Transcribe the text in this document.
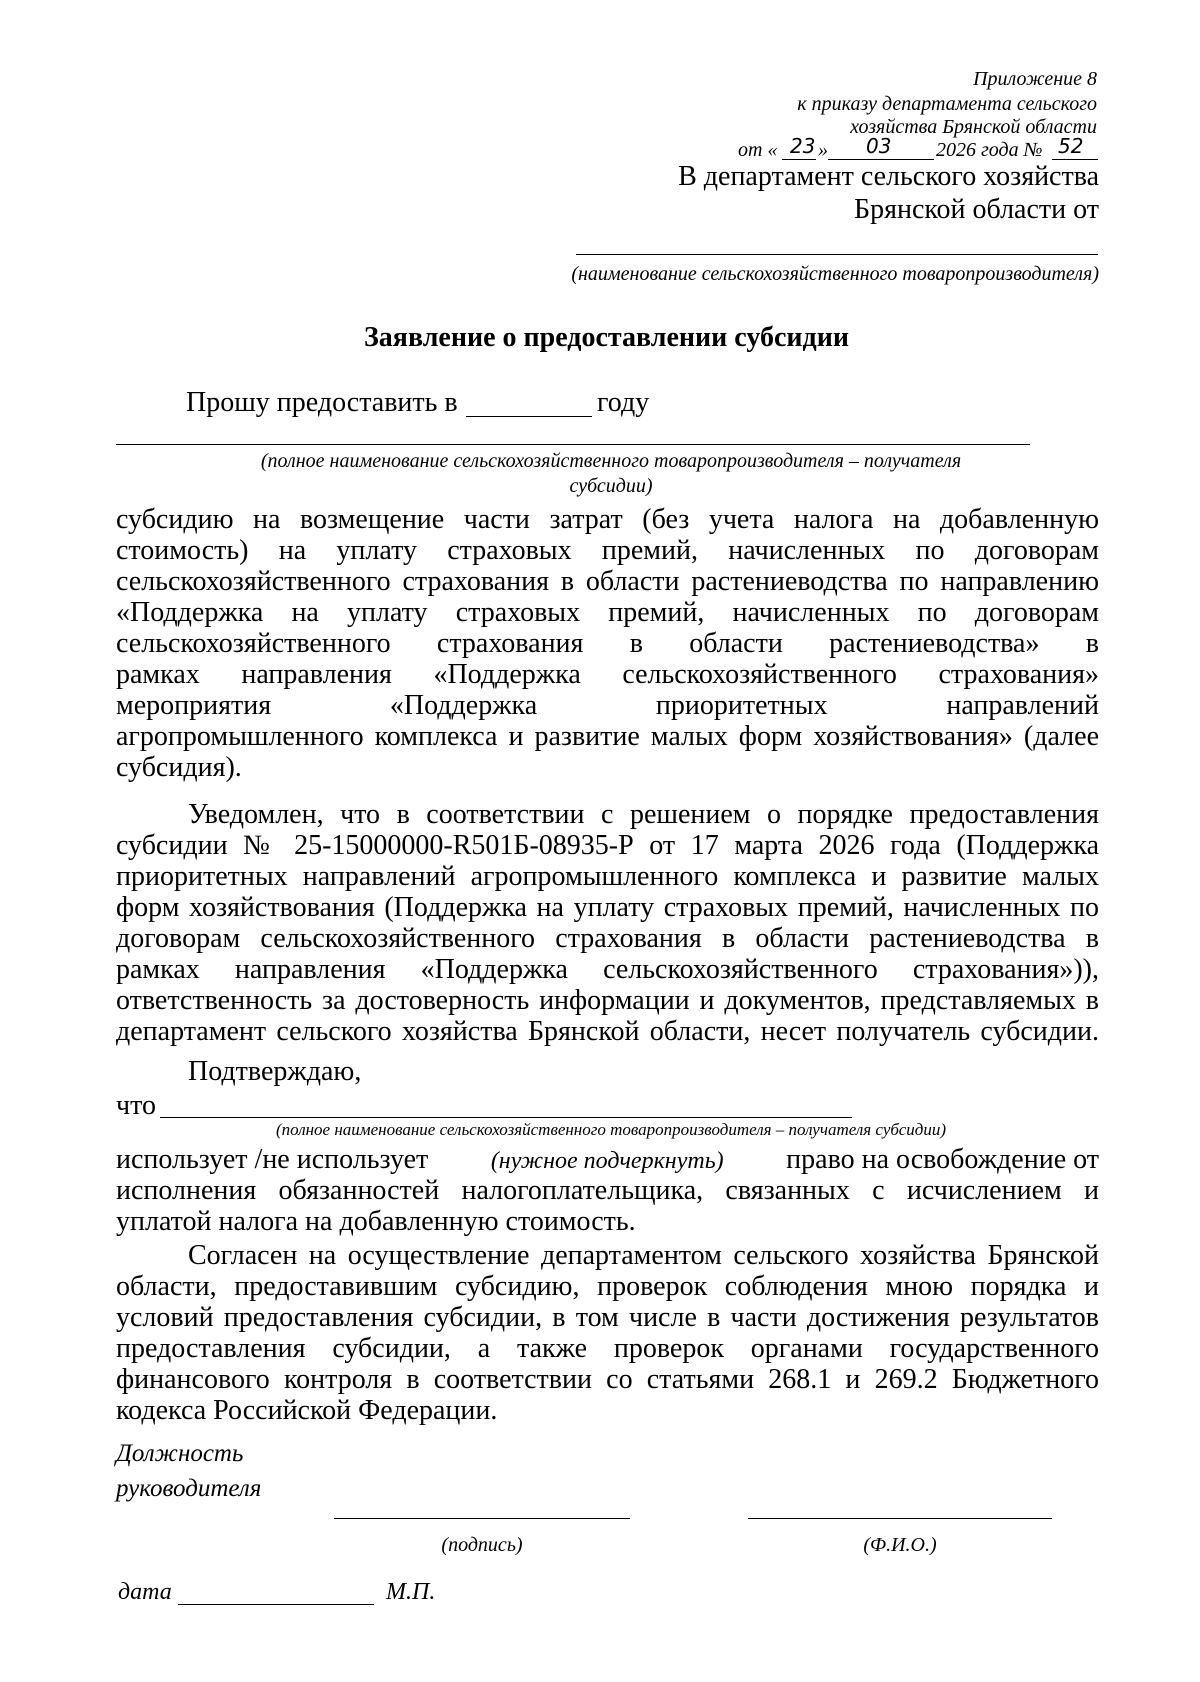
Приложение 8
к приказу департамента сельского
хозяйства Брянской области
от « 23 » 03 2026 года № 52
В департамент сельского хозяйства
Брянской области от
(наименование сельскохозяйственного товаропроизводителя)
Заявление о предоставлении субсидии
Прошу предоставить в	году
(полное наименование сельскохозяйственного товаропроизводителя – получателя
субсидии)
субсидию на возмещение части затрат (без учета налога на добавленную
стоимость) на уплату страховых премий, начисленных по договорам
сельскохозяйственного страхования в области растениеводства по направлению
«Поддержка на уплату страховых премий, начисленных по договорам
сельскохозяйственного страхования в области растениеводства» в
рамках направления «Поддержка сельскохозяйственного страхования»
мероприятия «Поддержка приоритетных направлений
агропромышленного комплекса и развитие малых форм хозяйствования» (далее
субсидия).
Уведомлен, что в соответствии с решением о порядке предоставления
субсидии № 25-15000000-R501Б-08935-Р от 17 марта 2026 года (Поддержка
приоритетных направлений агропромышленного комплекса и развитие малых
форм хозяйствования (Поддержка на уплату страховых премий, начисленных по
договорам сельскохозяйственного страхования в области растениеводства в
рамках направления «Поддержка сельскохозяйственного страхования»)),
ответственность за достоверность информации и документов, представляемых в
департамент сельского хозяйства Брянской области, несет получатель субсидии.
Подтверждаю,
что
(полное наименование сельскохозяйственного товаропроизводителя – получателя субсидии)
использует /не использует	(нужное подчеркнуть) право на освобождение от
исполнения обязанностей налогоплательщика, связанных с исчислением и
уплатой налога на добавленную стоимость.
Согласен на осуществление департаментом сельского хозяйства Брянской
области, предоставившим субсидию, проверок соблюдения мною порядка и
условий предоставления субсидии, в том числе в части достижения результатов
предоставления субсидии, а также проверок органами государственного
финансового контроля в соответствии со статьями 268.1 и 269.2 Бюджетного
кодекса Российской Федерации.
Должность
руководителя
(подпись)	(Ф.И.О.)
дата	М.П.
